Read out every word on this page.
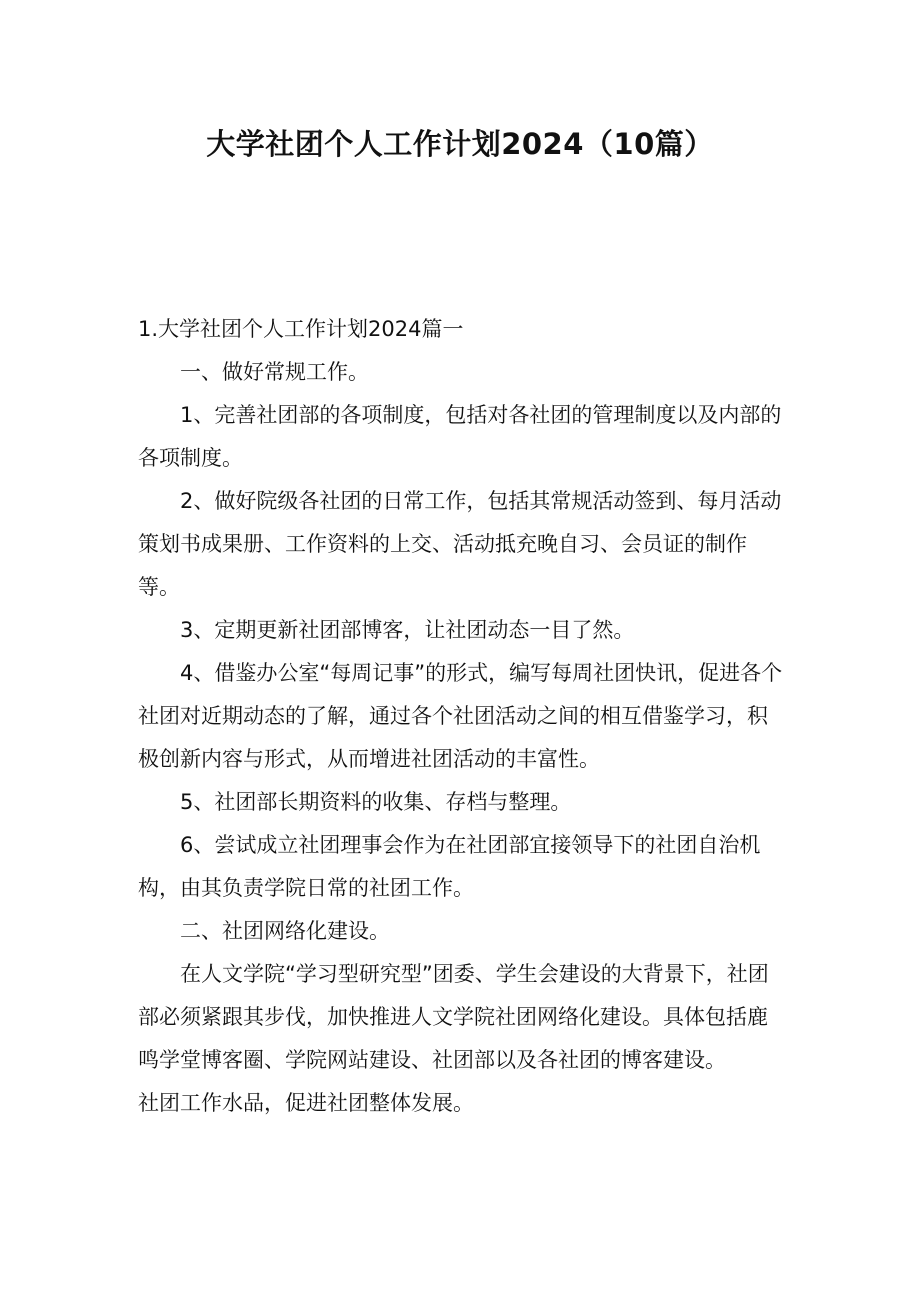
大学社团个人工作计划2024（10篇）

1.大学社团个人工作计划2024篇一

一、做好常规工作。

1、完善社团部的各项制度，包括对各社团的管理制度以及内部的各项制度。

2、做好院级各社团的日常工作，包括其常规活动签到、每月活动策划书成果册、工作资料的上交、活动抵充晚自习、会员证的制作等。

3、定期更新社团部博客，让社团动态一目了然。

4、借鉴办公室“每周记事”的形式，编写每周社团快讯，促进各个社团对近期动态的了解，通过各个社团活动之间的相互借鉴学习，积极创新内容与形式，从而增进社团活动的丰富性。

5、社团部长期资料的收集、存档与整理。

6、尝试成立社团理事会作为在社团部宜接领导下的社团自治机构，由其负责学院日常的社团工作。

二、社团网络化建设。

在人文学院“学习型研究型”团委、学生会建设的大背景下，社团部必须紧跟其步伐，加快推进人文学院社团网络化建设。具体包括鹿鸣学堂博客圈、学院网站建设、社团部以及各社团的博客建设。

社团工作水品，促进社团整体发展。
